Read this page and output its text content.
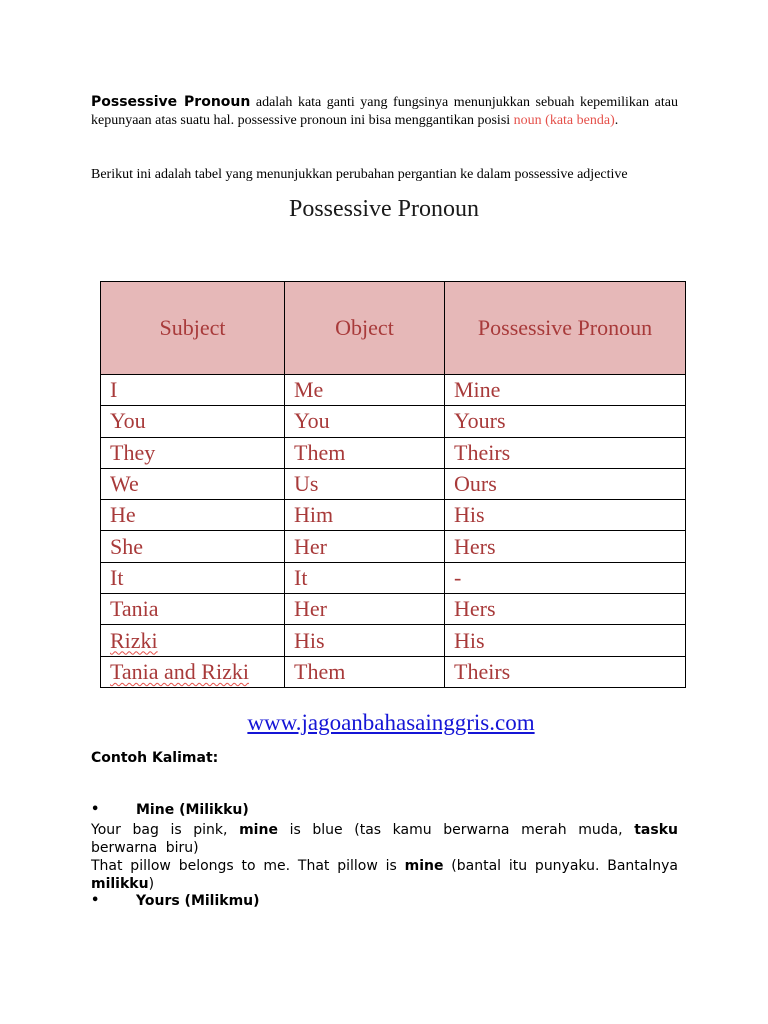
Possessive Pronoun adalah kata ganti yang fungsinya menunjukkan sebuah kepemilikan atau kepunyaan atas suatu hal. possessive pronoun ini bisa menggantikan posisi noun (kata benda).
Berikut ini adalah tabel yang menunjukkan perubahan pergantian ke dalam possessive adjective
Possessive Pronoun
Subject	Object	Possessive Pronoun
I	Me	Mine
You	You	Yours
They	Them	Theirs
We	Us	Ours
He	Him	His
She	Her	Hers
It	It	-
Tania	Her	Hers
Rizki	His	His
Tania and Rizki	Them	Theirs
www.jagoanbahasainggris.com
Contoh Kalimat:
•	Mine (Milikku)
Your bag is pink, mine is blue (tas kamu berwarna merah muda, tasku berwarna biru)
That pillow belongs to me. That pillow is mine (bantal itu punyaku. Bantalnya milikku)
•	Yours (Milikmu)
